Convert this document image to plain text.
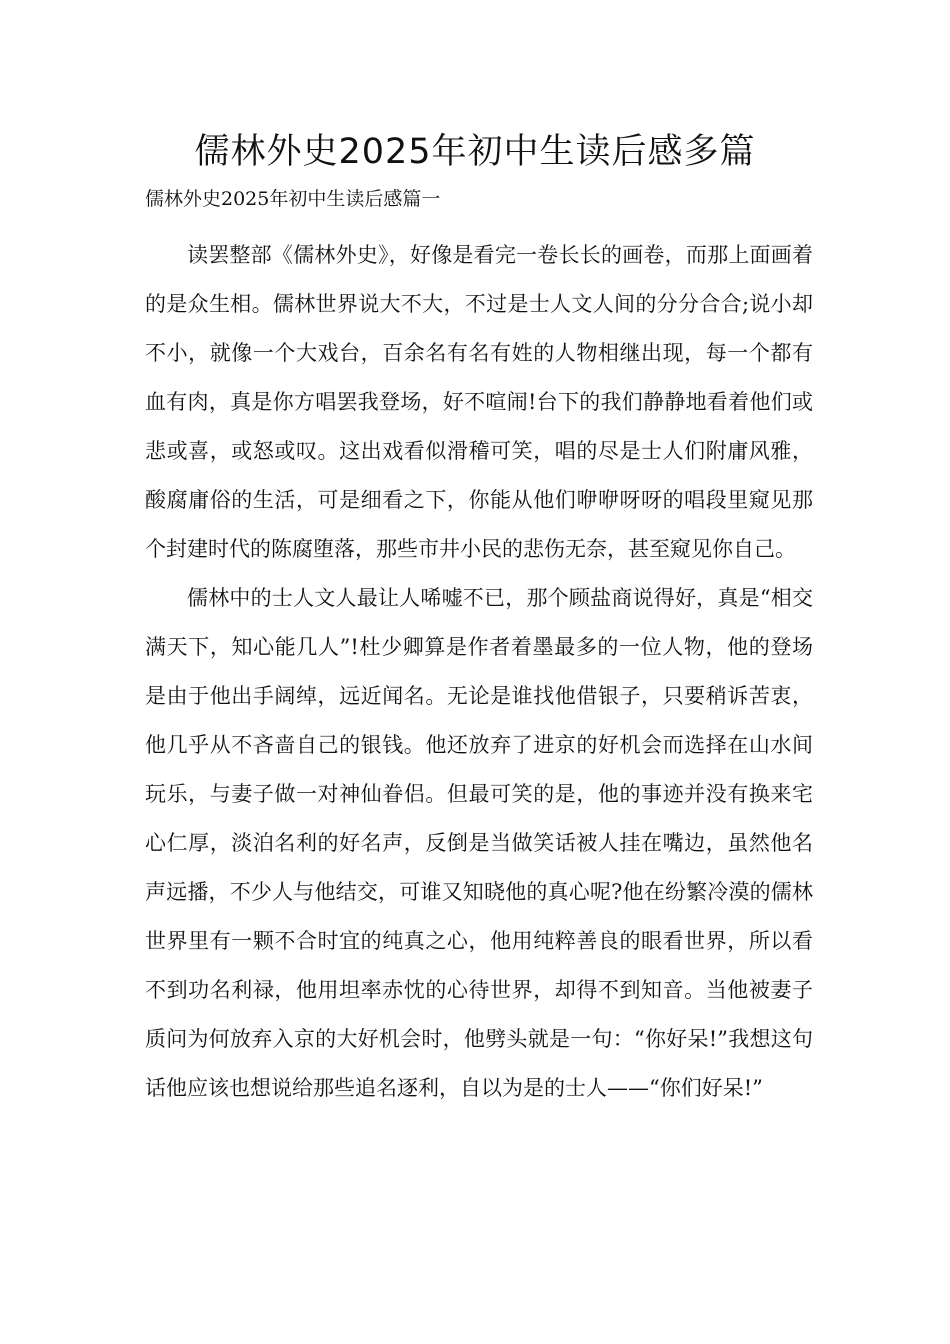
儒林外史2025年初中生读后感多篇
儒林外史2025年初中生读后感篇一

读罢整部《儒林外史》，好像是看完一卷长长的画卷，而那上面画着的是众生相。儒林世界说大不大，不过是士人文人间的分分合合;说小却不小，就像一个大戏台，百余名有名有姓的人物相继出现，每一个都有血有肉，真是你方唱罢我登场，好不喧闹!台下的我们静静地看着他们或悲或喜，或怒或叹。这出戏看似滑稽可笑，唱的尽是士人们附庸风雅，酸腐庸俗的生活，可是细看之下，你能从他们咿咿呀呀的唱段里窥见那个封建时代的陈腐堕落，那些市井小民的悲伤无奈，甚至窥见你自己。

儒林中的士人文人最让人唏嘘不已，那个顾盐商说得好，真是“相交满天下，知心能几人”!杜少卿算是作者着墨最多的一位人物，他的登场是由于他出手阔绰，远近闻名。无论是谁找他借银子，只要稍诉苦衷，他几乎从不吝啬自己的银钱。他还放弃了进京的好机会而选择在山水间玩乐，与妻子做一对神仙眷侣。但最可笑的是，他的事迹并没有换来宅心仁厚，淡泊名利的好名声，反倒是当做笑话被人挂在嘴边，虽然他名声远播，不少人与他结交，可谁又知晓他的真心呢?他在纷繁冷漠的儒林世界里有一颗不合时宜的纯真之心，他用纯粹善良的眼看世界，所以看不到功名利禄，他用坦率赤忱的心待世界，却得不到知音。当他被妻子质问为何放弃入京的大好机会时，他劈头就是一句：“你好呆!”我想这句话他应该也想说给那些追名逐利，自以为是的士人——“你们好呆!”
